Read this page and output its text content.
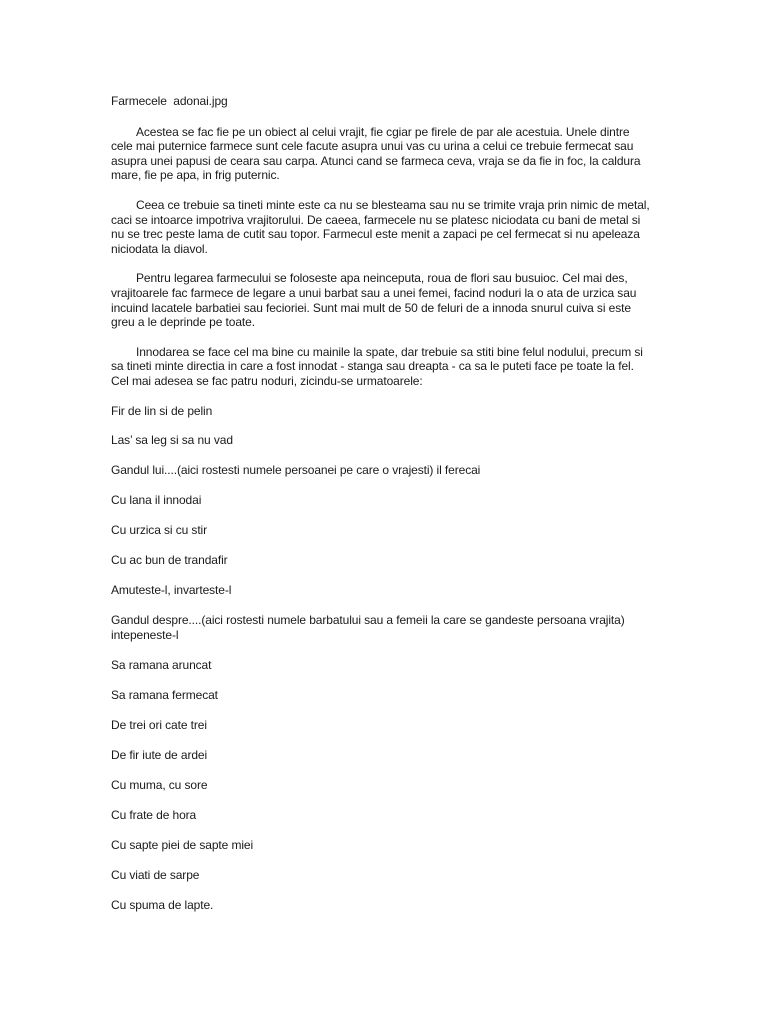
Farmecele  adonai.jpg

Acestea se fac fie pe un obiect al celui vrajit, fie cgiar pe firele de par ale acestuia. Unele dintre cele mai puternice farmece sunt cele facute asupra unui vas cu urina a celui ce trebuie fermecat sau asupra unei papusi de ceara sau carpa. Atunci cand se farmeca ceva, vraja se da fie in foc, la caldura mare, fie pe apa, in frig puternic.

Ceea ce trebuie sa tineti minte este ca nu se blesteama sau nu se trimite vraja prin nimic de metal, caci se intoarce impotriva vrajitorului. De caeea, farmecele nu se platesc niciodata cu bani de metal si nu se trec peste lama de cutit sau topor. Farmecul este menit a zapaci pe cel fermecat si nu apeleaza niciodata la diavol.

Pentru legarea farmecului se foloseste apa neinceputa, roua de flori sau busuioc. Cel mai des, vrajitoarele fac farmece de legare a unui barbat sau a unei femei, facind noduri la o ata de urzica sau incuind lacatele barbatiei sau fecioriei. Sunt mai mult de 50 de feluri de a innoda snurul cuiva si este greu a le deprinde pe toate.

Innodarea se face cel ma bine cu mainile la spate, dar trebuie sa stiti bine felul nodului, precum si sa tineti minte directia in care a fost innodat - stanga sau dreapta - ca sa le puteti face pe toate la fel. Cel mai adesea se fac patru noduri, zicindu-se urmatoarele:

Fir de lin si de pelin
Las’ sa leg si sa nu vad
Gandul lui....(aici rostesti numele persoanei pe care o vrajesti) il ferecai
Cu lana il innodai
Cu urzica si cu stir
Cu ac bun de trandafir
Amuteste-l, invarteste-l
Gandul despre....(aici rostesti numele barbatului sau a femeii la care se gandeste persoana vrajita) intepeneste-l
Sa ramana aruncat
Sa ramana fermecat
De trei ori cate trei
De fir iute de ardei
Cu muma, cu sore
Cu frate de hora
Cu sapte piei de sapte miei
Cu viati de sarpe
Cu spuma de lapte.
